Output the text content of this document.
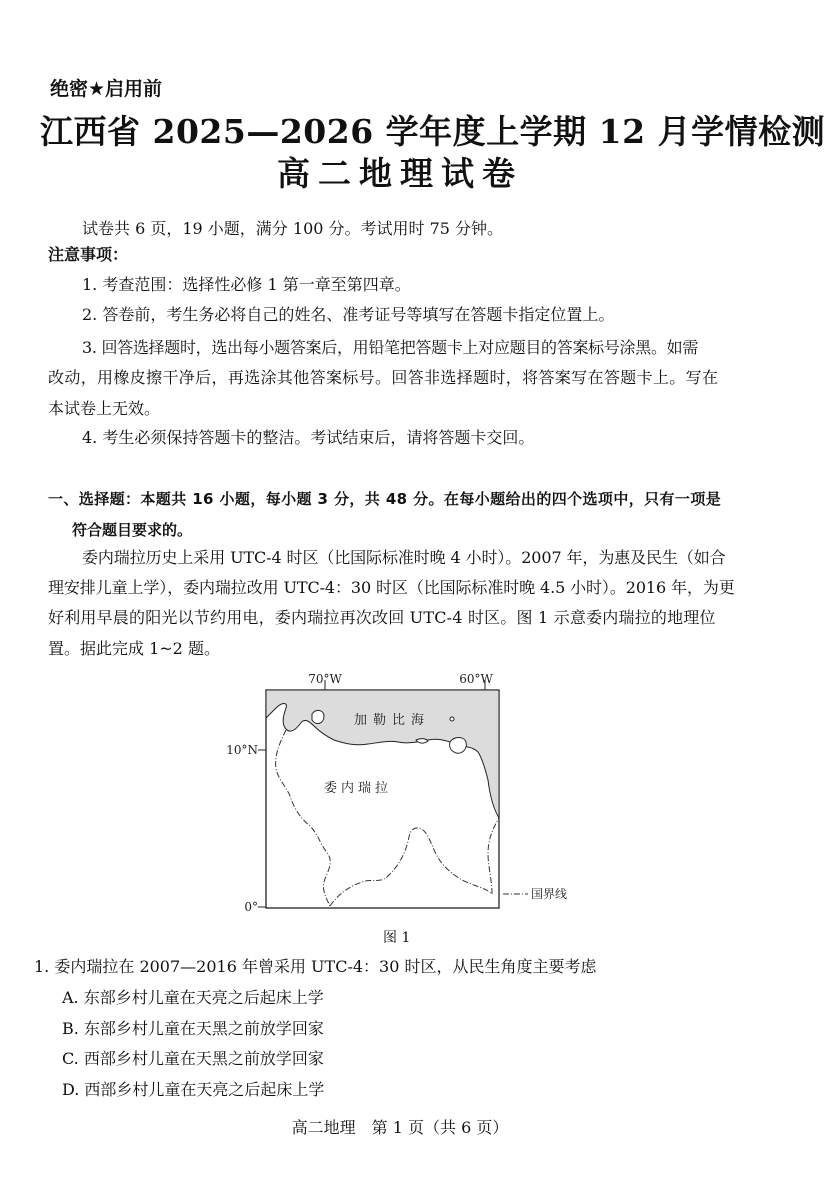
绝密★启用前
江西省 2025—2026 学年度上学期 12 月学情检测
高二地理试卷
试卷共 6 页，19 小题，满分 100 分。考试用时 75 分钟。
注意事项：
1. 考查范围：选择性必修 1 第一章至第四章。
2. 答卷前，考生务必将自己的姓名、准考证号等填写在答题卡指定位置上。
3. 回答选择题时，选出每小题答案后，用铅笔把答题卡上对应题目的答案标号涂黑。如需
改动，用橡皮擦干净后，再选涂其他答案标号。回答非选择题时，将答案写在答题卡上。写在
本试卷上无效。
4. 考生必须保持答题卡的整洁。考试结束后，请将答题卡交回。
一、选择题：本题共 16 小题，每小题 3 分，共 48 分。在每小题给出的四个选项中，只有一项是
符合题目要求的。
委内瑞拉历史上采用 UTC-4 时区（比国际标准时晚 4 小时）。2007 年，为惠及民生（如合
理安排儿童上学），委内瑞拉改用 UTC-4：30 时区（比国际标准时晚 4.5 小时）。2016 年，为更
好利用早晨的阳光以节约用电，委内瑞拉再次改回 UTC-4 时区。图 1 示意委内瑞拉的地理位
置。据此完成 1~2 题。
70°W	60°W
10°N
0°
加勒比海
委内瑞拉
国界线
图 1
1. 委内瑞拉在 2007—2016 年曾采用 UTC-4：30 时区，从民生角度主要考虑
A. 东部乡村儿童在天亮之后起床上学
B. 东部乡村儿童在天黑之前放学回家
C. 西部乡村儿童在天黑之前放学回家
D. 西部乡村儿童在天亮之后起床上学
高二地理　第 1 页（共 6 页）
